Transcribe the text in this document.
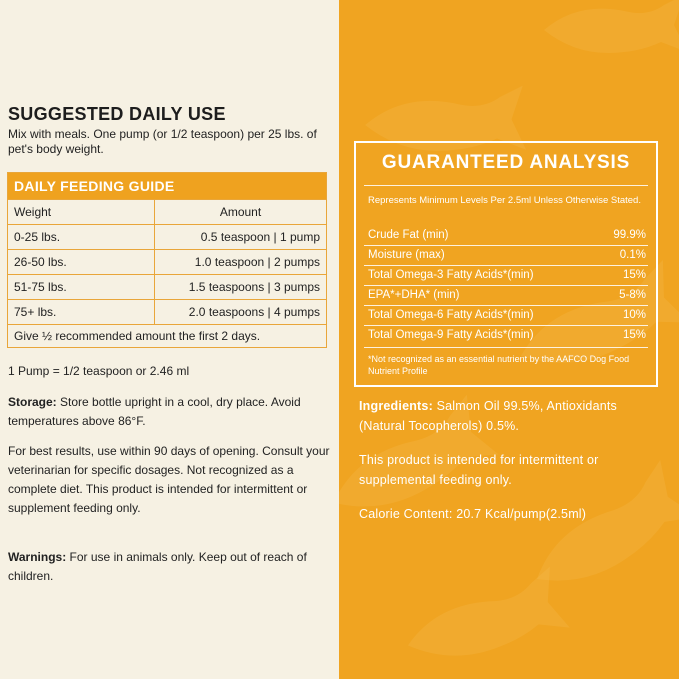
SUGGESTED DAILY USE

Mix with meals. One pump (or 1/2 teaspoon) per 25 lbs. of pet's body weight.

DAILY FEEDING GUIDE	
Weight	Amount
0-25 lbs.	0.5 teaspoon | 1 pump
26-50 lbs.	1.0 teaspoon | 2 pumps
51-75 lbs.	1.5 teaspoons | 3 pumps
75+ lbs.	2.0 teaspoons | 4 pumps
Give ½ recommended amount the first 2 days.	

1 Pump = 1/2 teaspoon or 2.46 ml

Storage: Store bottle upright in a cool, dry place. Avoid temperatures above 86°F.

For best results, use within 90 days of opening. Consult your veterinarian for specific dosages. Not recognized as a complete diet. This product is intended for intermittent or supplement feeding only.

Warnings: For use in animals only. Keep out of reach of children.

GUARANTEED ANALYSIS
Represents Minimum Levels Per 2.5ml Unless Otherwise Stated.
Crude Fat (min)	99.9%
Moisture (max)	0.1%
Total Omega-3 Fatty Acids*(min)	15%
EPA*+DHA* (min)	5-8%
Total Omega-6 Fatty Acids*(min)	10%
Total Omega-9 Fatty Acids*(min)	15%
*Not recognized as an essential nutrient by the AAFCO Dog Food Nutrient Profile

Ingredients: Salmon Oil 99.5%, Antioxidants (Natural Tocopherols) 0.5%.

This product is intended for intermittent or supplemental feeding only.

Calorie Content: 20.7 Kcal/pump(2.5ml)
